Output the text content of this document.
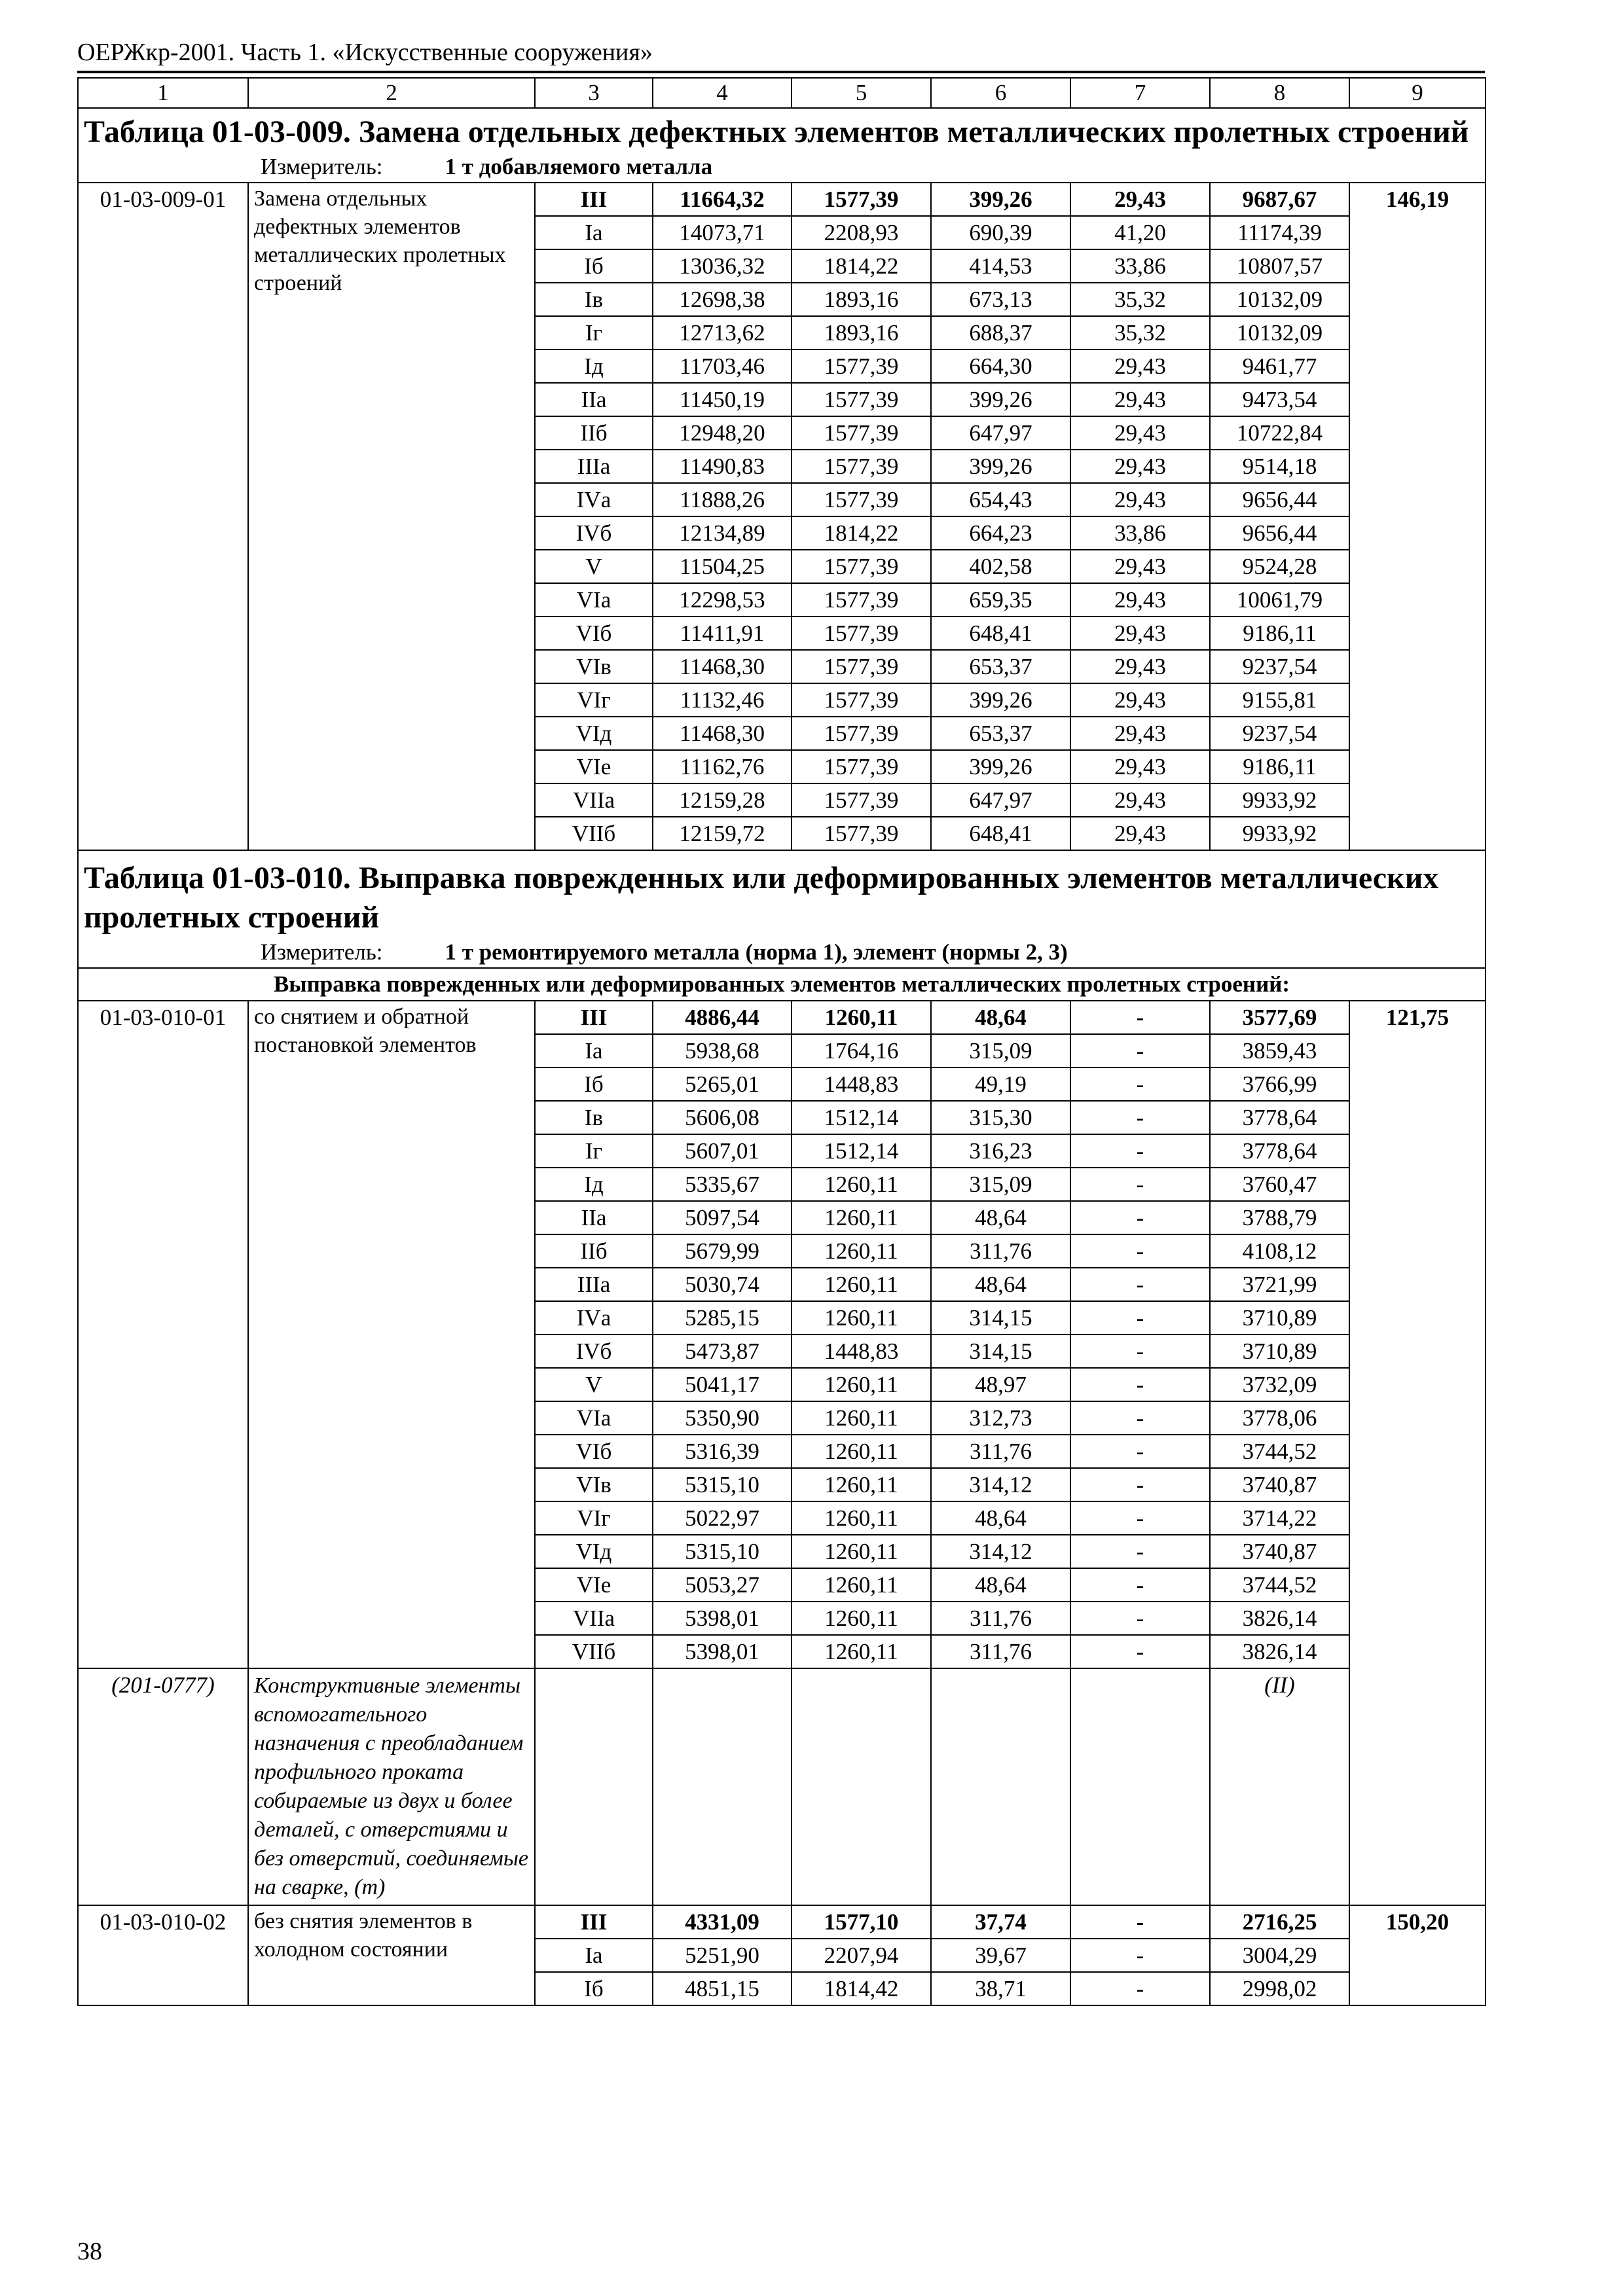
ОЕРЖкр-2001. Часть 1. «Искусственные сооружения»
1	2	3	4	5	6	7	8	9
Таблица 01-03-009. Замена отдельных дефектных элементов металлических пролетных строений
Измеритель: 1 т добавляемого металла								

01-03-009-01	Замена отдельных дефектных элементов металлических пролетных строений	III	11664,32	1577,39	399,26	29,43	9687,67	146,19
		Iа	14073,71	2208,93	690,39	41,20	11174,39	
		Iб	13036,32	1814,22	414,53	33,86	10807,57	
		Iв	12698,38	1893,16	673,13	35,32	10132,09	
		Iг	12713,62	1893,16	688,37	35,32	10132,09	
		Iд	11703,46	1577,39	664,30	29,43	9461,77	
		IIа	11450,19	1577,39	399,26	29,43	9473,54	
		IIб	12948,20	1577,39	647,97	29,43	10722,84	
		IIIа	11490,83	1577,39	399,26	29,43	9514,18	
		IVа	11888,26	1577,39	654,43	29,43	9656,44	
		IVб	12134,89	1814,22	664,23	33,86	9656,44	
		V	11504,25	1577,39	402,58	29,43	9524,28	
		VIа	12298,53	1577,39	659,35	29,43	10061,79	
		VIб	11411,91	1577,39	648,41	29,43	9186,11	
		VIв	11468,30	1577,39	653,37	29,43	9237,54	
		VIг	11132,46	1577,39	399,26	29,43	9155,81	
		VIд	11468,30	1577,39	653,37	29,43	9237,54	
		VIе	11162,76	1577,39	399,26	29,43	9186,11	
		VIIа	12159,28	1577,39	647,97	29,43	9933,92	
		VIIб	12159,72	1577,39	648,41	29,43	9933,92	
Таблица 01-03-010. Выправка поврежденных или деформированных элементов металлических пролетных строений
Измеритель: 1 т ремонтируемого металла (норма 1), элемент (нормы 2, 3)								

Выправка поврежденных или деформированных элементов металлических пролетных строений:								
01-03-010-01	со снятием и обратной постановкой элементов	III	4886,44	1260,11	48,64	-	3577,69	121,75
		Iа	5938,68	1764,16	315,09	-	3859,43	
		Iб	5265,01	1448,83	49,19	-	3766,99	
		Iв	5606,08	1512,14	315,30	-	3778,64	
		Iг	5607,01	1512,14	316,23	-	3778,64	
		Iд	5335,67	1260,11	315,09	-	3760,47	
		IIа	5097,54	1260,11	48,64	-	3788,79	
		IIб	5679,99	1260,11	311,76	-	4108,12	
		IIIа	5030,74	1260,11	48,64	-	3721,99	
		IVа	5285,15	1260,11	314,15	-	3710,89	
		IVб	5473,87	1448,83	314,15	-	3710,89	
		V	5041,17	1260,11	48,97	-	3732,09	
		VIа	5350,90	1260,11	312,73	-	3778,06	
		VIб	5316,39	1260,11	311,76	-	3744,52	
		VIв	5315,10	1260,11	314,12	-	3740,87	
		VIг	5022,97	1260,11	48,64	-	3714,22	
		VIд	5315,10	1260,11	314,12	-	3740,87	
		VIе	5053,27	1260,11	48,64	-	3744,52	
		VIIа	5398,01	1260,11	311,76	-	3826,14	
		VIIб	5398,01	1260,11	311,76	-	3826,14	
(201-0777)	Конструктивные элементы вспомогательного назначения с преобладанием профильного проката собираемые из двух и более деталей, с отверстиями и без отверстий, соединяемые на сварке, (т)						(II)	
01-03-010-02	без снятия элементов в холодном состоянии	III	4331,09	1577,10	37,74	-	2716,25	150,20
		Iа	5251,90	2207,94	39,67	-	3004,29	
		Iб	4851,15	1814,42	38,71	-	2998,02	
38
